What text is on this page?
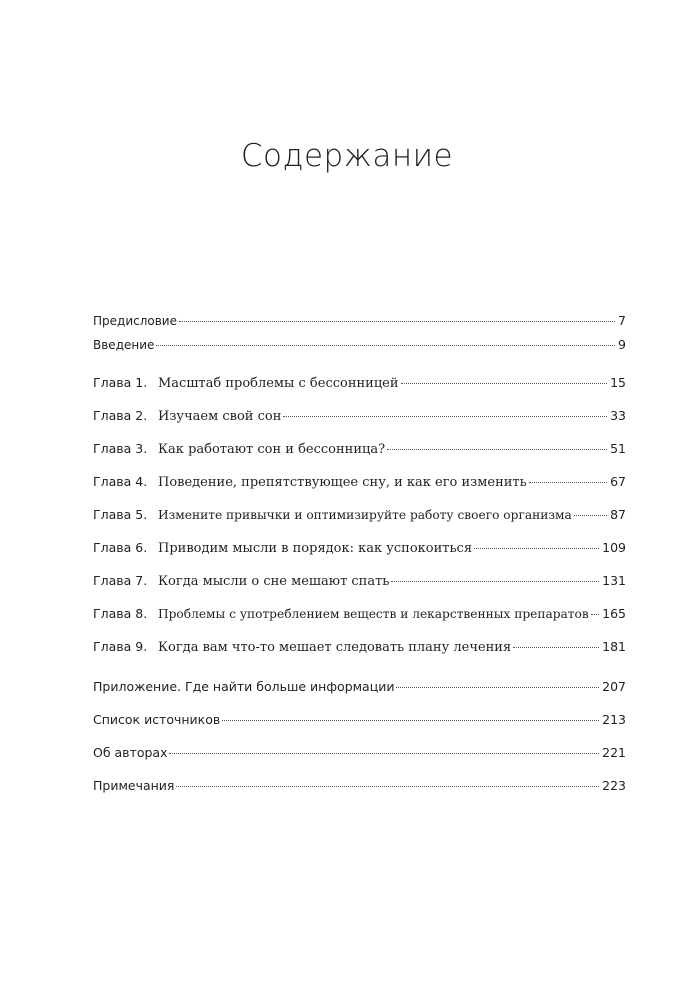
Содержание
Предисловие	7
Введение	9
Глава 1. Масштаб проблемы с бессонницей	15
Глава 2. Изучаем свой сон	33
Глава 3. Как работают сон и бессонница?	51
Глава 4. Поведение, препятствующее сну, и как его изменить	67
Глава 5. Измените привычки и оптимизируйте работу своего организма	87
Глава 6. Приводим мысли в порядок: как успокоиться	109
Глава 7. Когда мысли о сне мешают спать	131
Глава 8. Проблемы с употреблением веществ и лекарственных препаратов 165
Глава 9. Когда вам что-то мешает следовать плану лечения	181
Приложение. Где найти больше информации	207
Список источников	213
Об авторах	221
Примечания	223
